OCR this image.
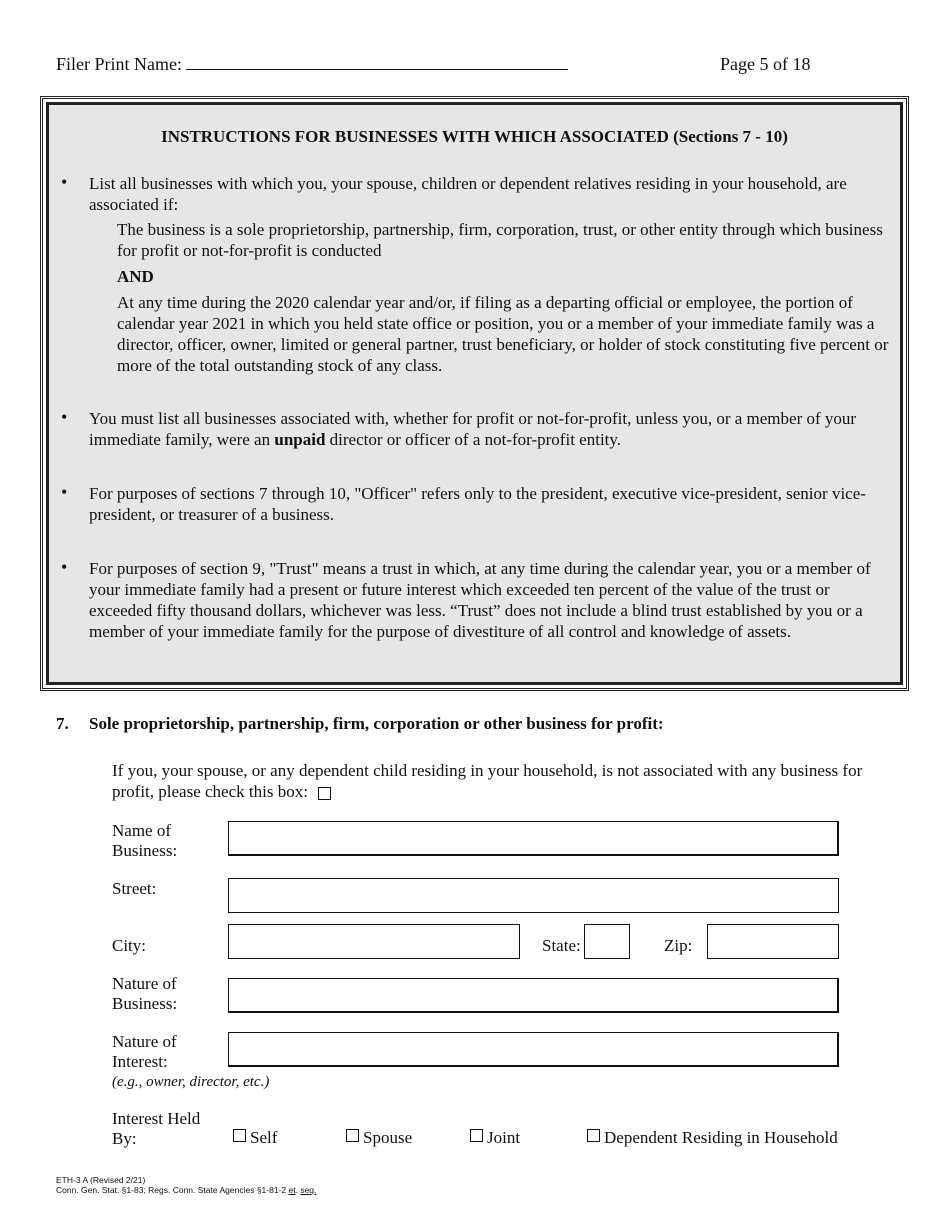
Filer Print Name:	Page 5 of 18
INSTRUCTIONS FOR BUSINESSES WITH WHICH ASSOCIATED (Sections 7 - 10)
• List all businesses with which you, your spouse, children or dependent relatives residing in your household, are associated if:
The business is a sole proprietorship, partnership, firm, corporation, trust, or other entity through which business for profit or not-for-profit is conducted
AND
At any time during the 2020 calendar year and/or, if filing as a departing official or employee, the portion of calendar year 2021 in which you held state office or position, you or a member of your immediate family was a director, officer, owner, limited or general partner, trust beneficiary, or holder of stock constituting five percent or more of the total outstanding stock of any class.
• You must list all businesses associated with, whether for profit or not-for-profit, unless you, or a member of your immediate family, were an unpaid director or officer of a not-for-profit entity.
• For purposes of sections 7 through 10, "Officer" refers only to the president, executive vice-president, senior vice-president, or treasurer of a business.
• For purposes of section 9, "Trust" means a trust in which, at any time during the calendar year, you or a member of your immediate family had a present or future interest which exceeded ten percent of the value of the trust or exceeded fifty thousand dollars, whichever was less. “Trust” does not include a blind trust established by you or a member of your immediate family for the purpose of divestiture of all control and knowledge of assets.
7. Sole proprietorship, partnership, firm, corporation or other business for profit:
If you, your spouse, or any dependent child residing in your household, is not associated with any business for profit, please check this box:
Name of
Business:
Street:
City:	State:	Zip:
Nature of
Business:
Nature of
Interest:
(e.g., owner, director, etc.)
Interest Held
By:	Self	Spouse	Joint	Dependent Residing in Household
ETH-3 A (Revised 2/21)
Conn. Gen. Stat. §1-83; Regs. Conn. State Agencies §1-81-2 et. seq.
